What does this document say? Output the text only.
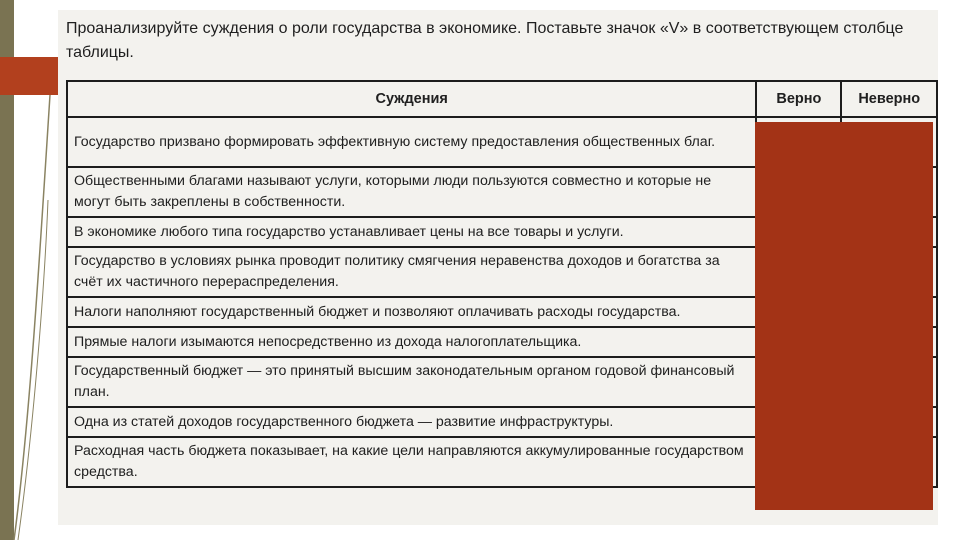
Проанализируйте суждения о роли государства в экономике. Поставьте значок «V» в соответствующем столбце таблицы.
Суждения	Верно	Неверно
Государство призвано формировать эффективную систему предоставления общественных благ.		
Общественными благами называют услуги, которыми люди пользуются совместно и которые не могут быть закреплены в собственности.		
В экономике любого типа государство устанавливает цены на все товары и услуги.		
Государство в условиях рынка проводит политику смягчения неравенства доходов и богатства за счёт их частичного перераспределения.		
Налоги наполняют государственный бюджет и позволяют оплачивать расходы государства.		
Прямые налоги изымаются непосредственно из дохода налогоплательщика.		
Государственный бюджет — это принятый высшим законодательным органом годовой финансовый план.		
Одна из статей доходов государственного бюджета — развитие инфраструктуры.		
Расходная часть бюджета показывает, на какие цели направляются аккумулированные государством средства.		
